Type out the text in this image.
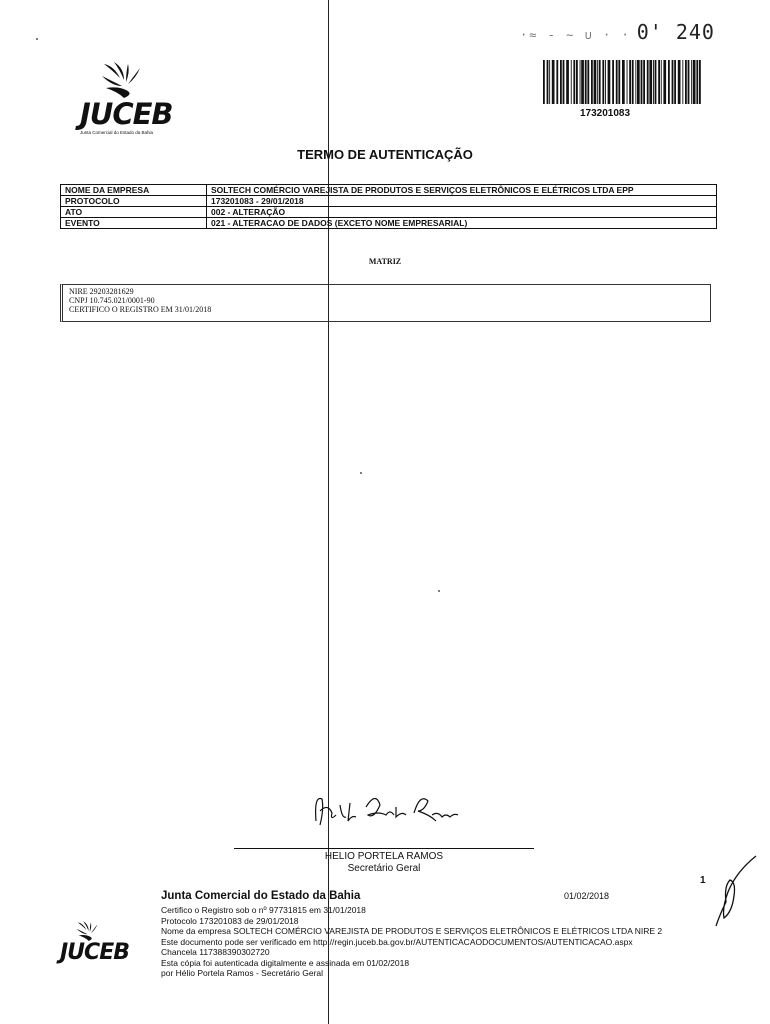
·≈ - ∼ ∪ · · 0' 240
173201083
JUCEB
Junta Comercial do Estado da Bahia
TERMO DE AUTENTICAÇÃO
NOME DA EMPRESA	SOLTECH COMÉRCIO VAREJISTA DE PRODUTOS E SERVIÇOS ELETRÔNICOS E ELÉTRICOS LTDA EPP
PROTOCOLO	173201083 - 29/01/2018
ATO	002 - ALTERAÇÃO
EVENTO	021 - ALTERACAO DE DADOS (EXCETO NOME EMPRESARIAL)
MATRIZ
NIRE 29203281629
CNPJ 10.745.021/0001-90
CERTIFICO O REGISTRO EM 31/01/2018
HELIO PORTELA RAMOS
Secretário Geral
1
JUCEB
Junta Comercial do Estado da Bahia	01/02/2018
Certifico o Registro sob o nº 97731815 em 31/01/2018
Protocolo 173201083 de 29/01/2018
Nome da empresa SOLTECH COMÉRCIO VAREJISTA DE PRODUTOS E SERVIÇOS ELETRÔNICOS E ELÉTRICOS LTDA NIRE 2
Este documento pode ser verificado em http://regin.juceb.ba.gov.br/AUTENTICACAODOCUMENTOS/AUTENTICACAO.aspx
Chancela 117388390302720
Esta cópia foi autenticada digitalmente e assinada em 01/02/2018
por Hélio Portela Ramos - Secretário Geral
